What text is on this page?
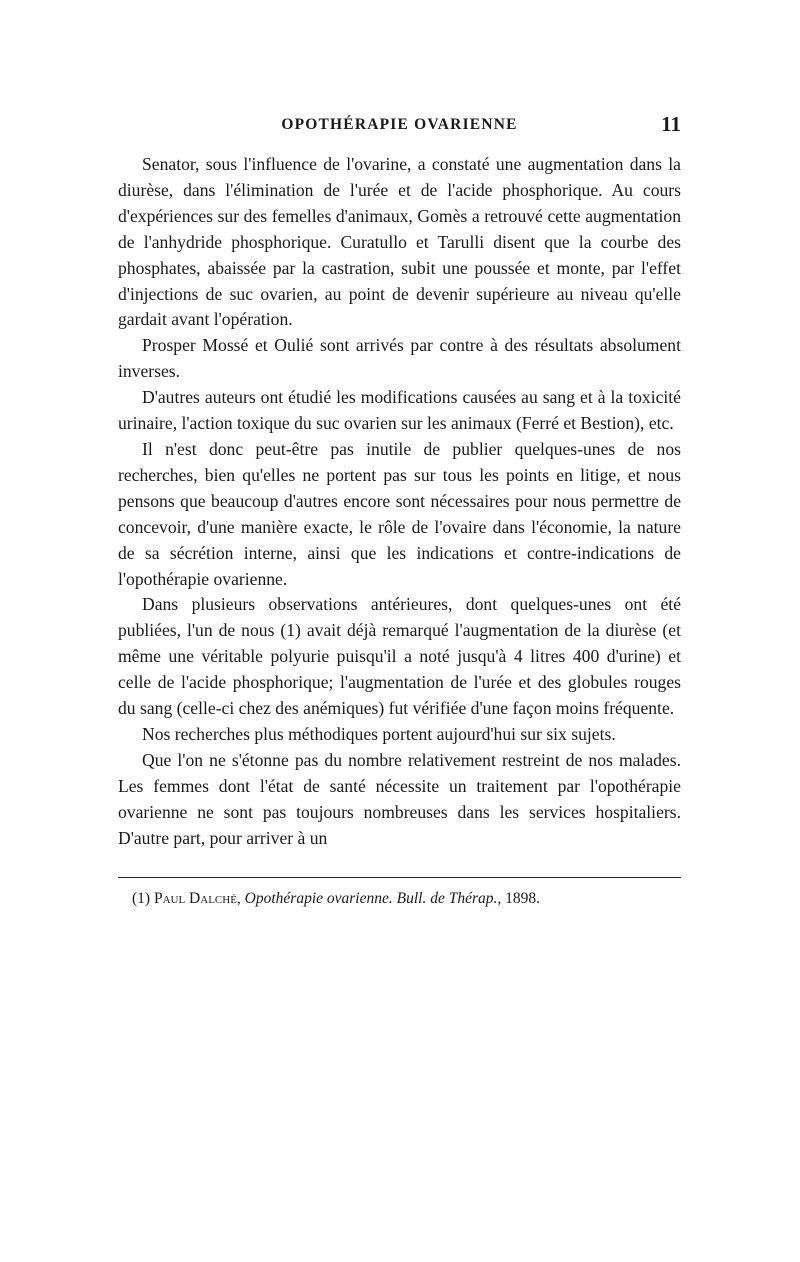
OPOTHÉRAPIE OVARIENNE	11

Senator, sous l'influence de l'ovarine, a constaté une augmentation dans la diurèse, dans l'élimination de l'urée et de l'acide phosphorique. Au cours d'expériences sur des femelles d'animaux, Gomès a retrouvé cette augmentation de l'anhydride phosphorique. Curatullo et Tarulli disent que la courbe des phosphates, abaissée par la castration, subit une poussée et monte, par l'effet d'injections de suc ovarien, au point de devenir supérieure au niveau qu'elle gardait avant l'opération.

Prosper Mossé et Oulié sont arrivés par contre à des résultats absolument inverses.

D'autres auteurs ont étudié les modifications causées au sang et à la toxicité urinaire, l'action toxique du suc ovarien sur les animaux (Ferré et Bestion), etc.

Il n'est donc peut-être pas inutile de publier quelques-unes de nos recherches, bien qu'elles ne portent pas sur tous les points en litige, et nous pensons que beaucoup d'autres encore sont nécessaires pour nous permettre de concevoir, d'une manière exacte, le rôle de l'ovaire dans l'économie, la nature de sa sécrétion interne, ainsi que les indications et contre-indications de l'opothérapie ovarienne.

Dans plusieurs observations antérieures, dont quelques-unes ont été publiées, l'un de nous (1) avait déjà remarqué l'augmentation de la diurèse (et même une véritable polyurie puisqu'il a noté jusqu'à 4 litres 400 d'urine) et celle de l'acide phosphorique; l'augmentation de l'urée et des globules rouges du sang (celle-ci chez des anémiques) fut vérifiée d'une façon moins fréquente.

Nos recherches plus méthodiques portent aujourd'hui sur six sujets.

Que l'on ne s'étonne pas du nombre relativement restreint de nos malades. Les femmes dont l'état de santé nécessite un traitement par l'opothérapie ovarienne ne sont pas toujours nombreuses dans les services hospitaliers. D'autre part, pour arriver à un

(1) Paul Dalché, Opothérapie ovarienne. Bull. de Thérap., 1898.
